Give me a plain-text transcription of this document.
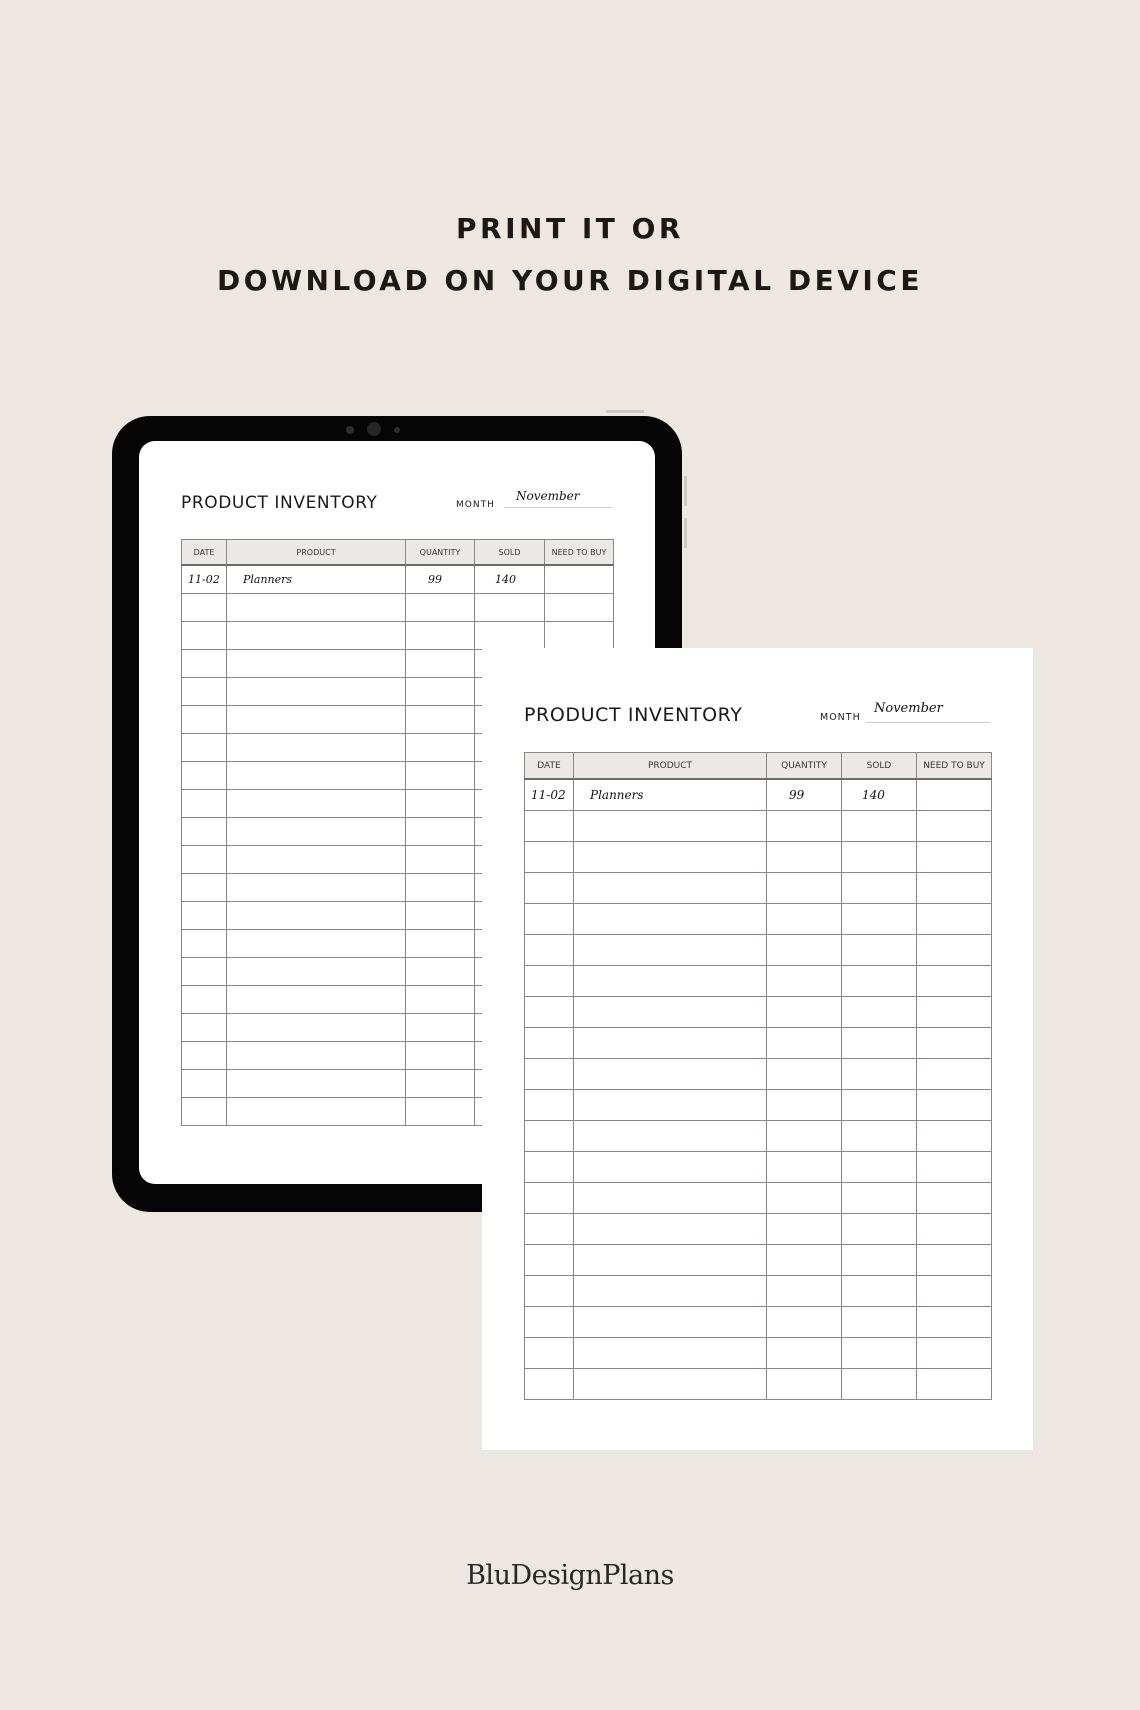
PRINT IT OR
DOWNLOAD ON YOUR DIGITAL DEVICE
PRODUCT INVENTORY	MONTH
November
DATE	PRODUCT	QUANTITY	SOLD	NEED TO BUY

11-02	Planners	99	140	

PRODUCT INVENTORY	MONTH
November
DATE	PRODUCT	QUANTITY	SOLD	NEED TO BUY

11-02	Planners	99	140	

BluDesignPlans
